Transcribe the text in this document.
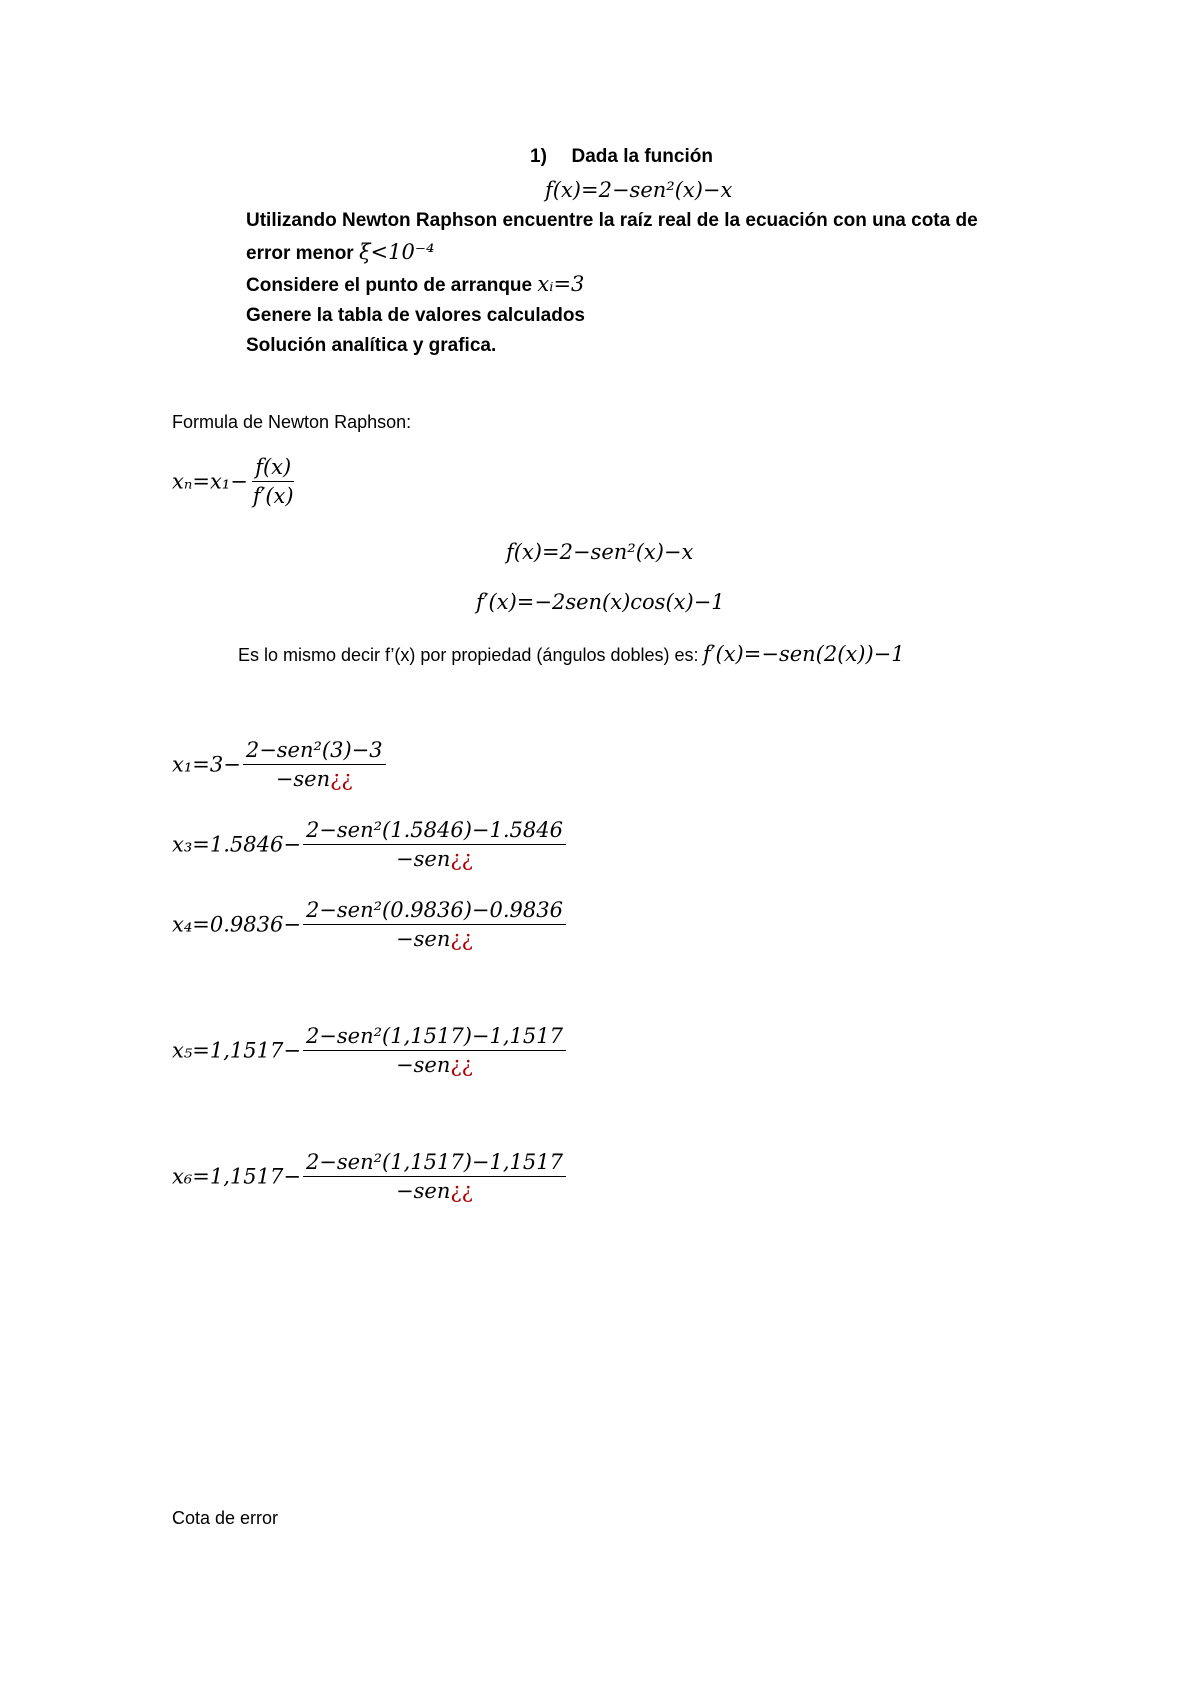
1) Dada la función
f(x)=2−sen²(x)−x
Utilizando Newton Raphson encuentre la raíz real de la ecuación con una cota de
error menor ξ<10⁻⁴
Considere el punto de arranque xᵢ=3
Genere la tabla de valores calculados
Solución analítica y grafica.
Formula de Newton Raphson:
$x_n=x_1- \frac{f(x)}{f'(x)}$
f(x)=2−sen²(x)−x
f′(x)=−2sen(x)cos(x)−1
Es lo mismo decir f’(x) por propiedad (ángulos dobles) es: f′(x)=−sen(2(x))−1
$x_1=3- \frac{\text{2−sen²(3)−3}}{\text{−sen¿¿}}$
$x_3=1.5846- \frac{\text{2−sen²(1.5846)−1.5846}}{\text{−sen¿¿}}$
$x_4=0.9836- \frac{\text{2−sen²(0.9836)−0.9836}}{\text{−sen¿¿}}$
$x_5=1,1517- \frac{\text{2−sen²(1,1517)−1,1517}}{\text{−sen¿¿}}$
$x_6=1,1517- \frac{\text{2−sen²(1,1517)−1,1517}}{\text{−sen¿¿}}$
Cota de error
